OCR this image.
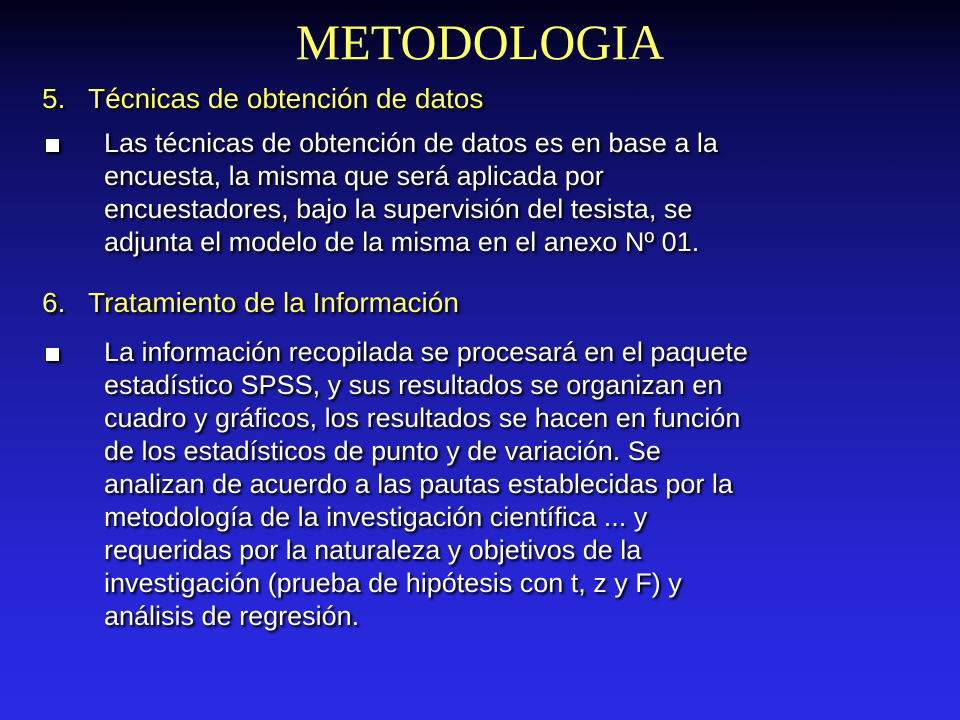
METODOLOGIA
5. Técnicas de obtención de datos
Las técnicas de obtención de datos es en base a la
encuesta, la misma que será aplicada por
encuestadores, bajo la supervisión del tesista, se
adjunta el modelo de la misma en el anexo Nº 01.
6. Tratamiento de la Información
La información recopilada se procesará en el paquete
estadístico SPSS, y sus resultados se organizan en
cuadro y gráficos, los resultados se hacen en función
de los estadísticos de punto y de variación. Se
analizan de acuerdo a las pautas establecidas por la
metodología de la investigación científica ... y
requeridas por la naturaleza y objetivos de la
investigación (prueba de hipótesis con t, z y F) y
análisis de regresión.
